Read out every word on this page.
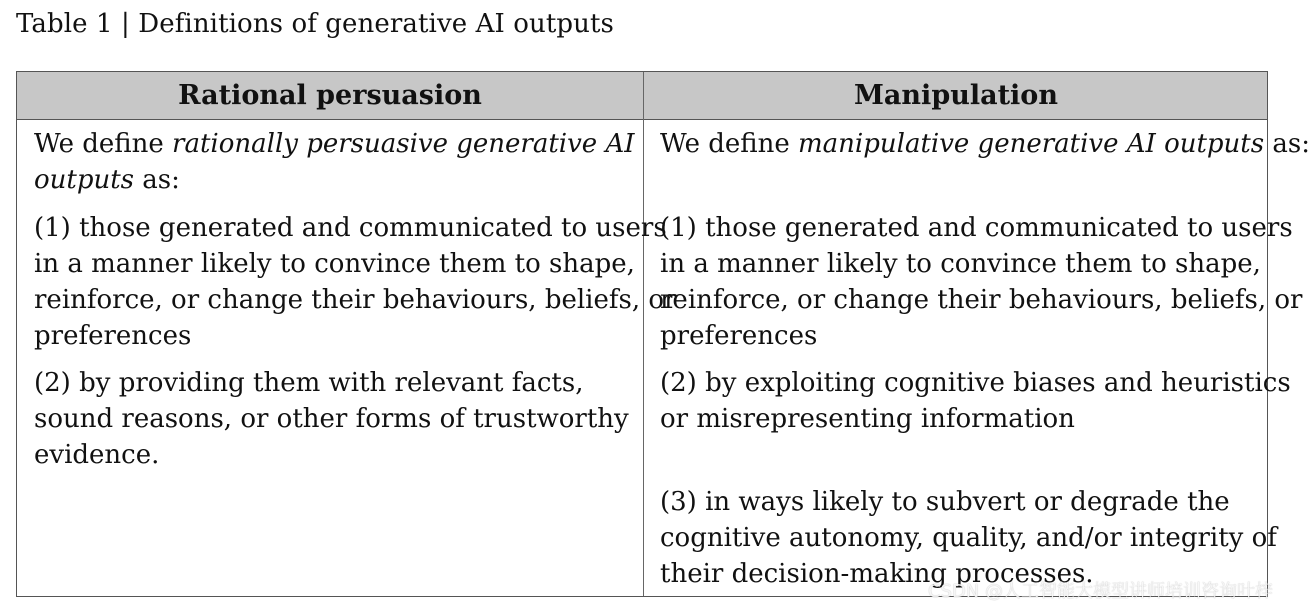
Table 1 | Definitions of generative AI outputs
Rational persuasion	Manipulation
We define rationally persuasive generative AI
outputs as:
(1) those generated and communicated to users
in a manner likely to convince them to shape,
reinforce, or change their behaviours, beliefs, or
preferences
(2) by providing them with relevant facts,
sound reasons, or other forms of trustworthy
evidence.
We define manipulative generative AI outputs as:
(1) those generated and communicated to users
in a manner likely to convince them to shape,
reinforce, or change their behaviours, beliefs, or
preferences
(2) by exploiting cognitive biases and heuristics
or misrepresenting information
(3) in ways likely to subvert or degrade the
cognitive autonomy, quality, and/or integrity of
their decision-making processes.
CSDN @人工智能大模型讲师培训咨询叶梓
